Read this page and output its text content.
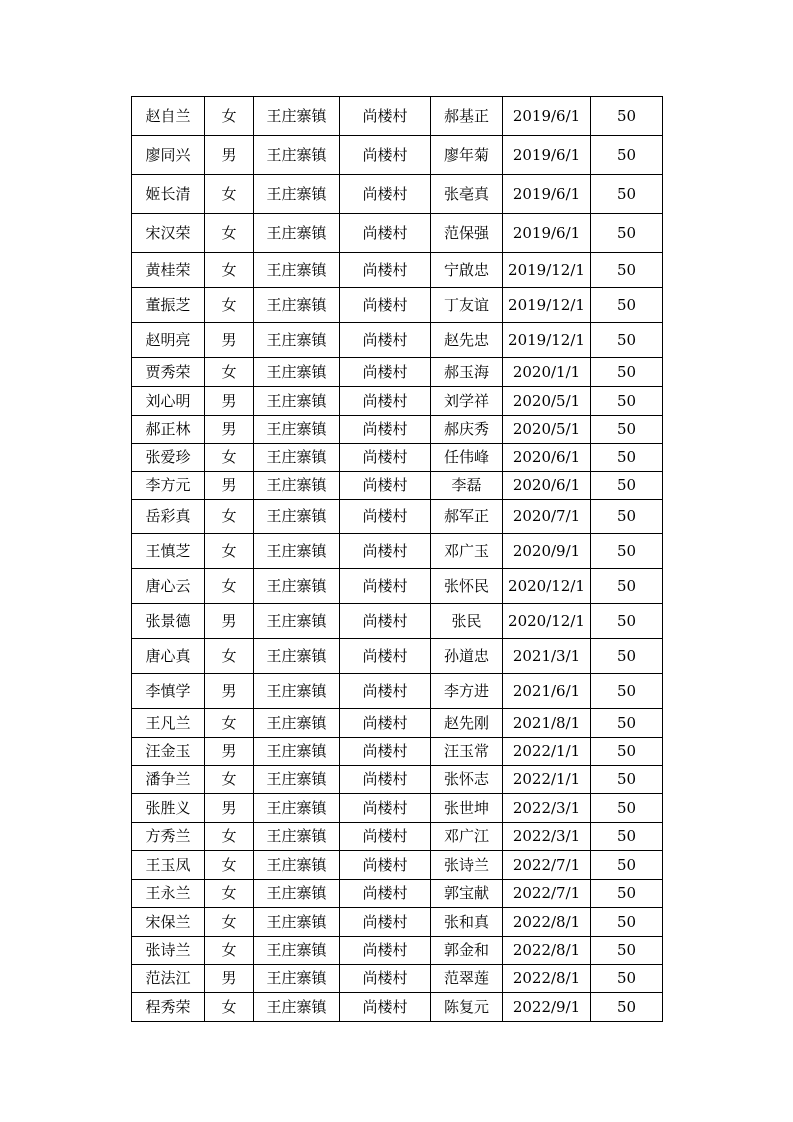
赵自兰	女	王庄寨镇	尚楼村	郝基正	2019/6/1	50
廖同兴	男	王庄寨镇	尚楼村	廖年菊	2019/6/1	50
姬长清	女	王庄寨镇	尚楼村	张亳真	2019/6/1	50
宋汉荣	女	王庄寨镇	尚楼村	范保强	2019/6/1	50
黄桂荣	女	王庄寨镇	尚楼村	宁啟忠	2019/12/1	50
董振芝	女	王庄寨镇	尚楼村	丁友谊	2019/12/1	50
赵明亮	男	王庄寨镇	尚楼村	赵先忠	2019/12/1	50
贾秀荣	女	王庄寨镇	尚楼村	郝玉海	2020/1/1	50
刘心明	男	王庄寨镇	尚楼村	刘学祥	2020/5/1	50
郝正林	男	王庄寨镇	尚楼村	郝庆秀	2020/5/1	50
张爱珍	女	王庄寨镇	尚楼村	任伟峰	2020/6/1	50
李方元	男	王庄寨镇	尚楼村	李磊	2020/6/1	50
岳彩真	女	王庄寨镇	尚楼村	郝军正	2020/7/1	50
王慎芝	女	王庄寨镇	尚楼村	邓广玉	2020/9/1	50
唐心云	女	王庄寨镇	尚楼村	张怀民	2020/12/1	50
张景德	男	王庄寨镇	尚楼村	张民	2020/12/1	50
唐心真	女	王庄寨镇	尚楼村	孙道忠	2021/3/1	50
李慎学	男	王庄寨镇	尚楼村	李方进	2021/6/1	50
王凡兰	女	王庄寨镇	尚楼村	赵先刚	2021/8/1	50
汪金玉	男	王庄寨镇	尚楼村	汪玉常	2022/1/1	50
潘争兰	女	王庄寨镇	尚楼村	张怀志	2022/1/1	50
张胜义	男	王庄寨镇	尚楼村	张世坤	2022/3/1	50
方秀兰	女	王庄寨镇	尚楼村	邓广江	2022/3/1	50
王玉凤	女	王庄寨镇	尚楼村	张诗兰	2022/7/1	50
王永兰	女	王庄寨镇	尚楼村	郭宝献	2022/7/1	50
宋保兰	女	王庄寨镇	尚楼村	张和真	2022/8/1	50
张诗兰	女	王庄寨镇	尚楼村	郭金和	2022/8/1	50
范法江	男	王庄寨镇	尚楼村	范翠莲	2022/8/1	50
程秀荣	女	王庄寨镇	尚楼村	陈复元	2022/9/1	50
